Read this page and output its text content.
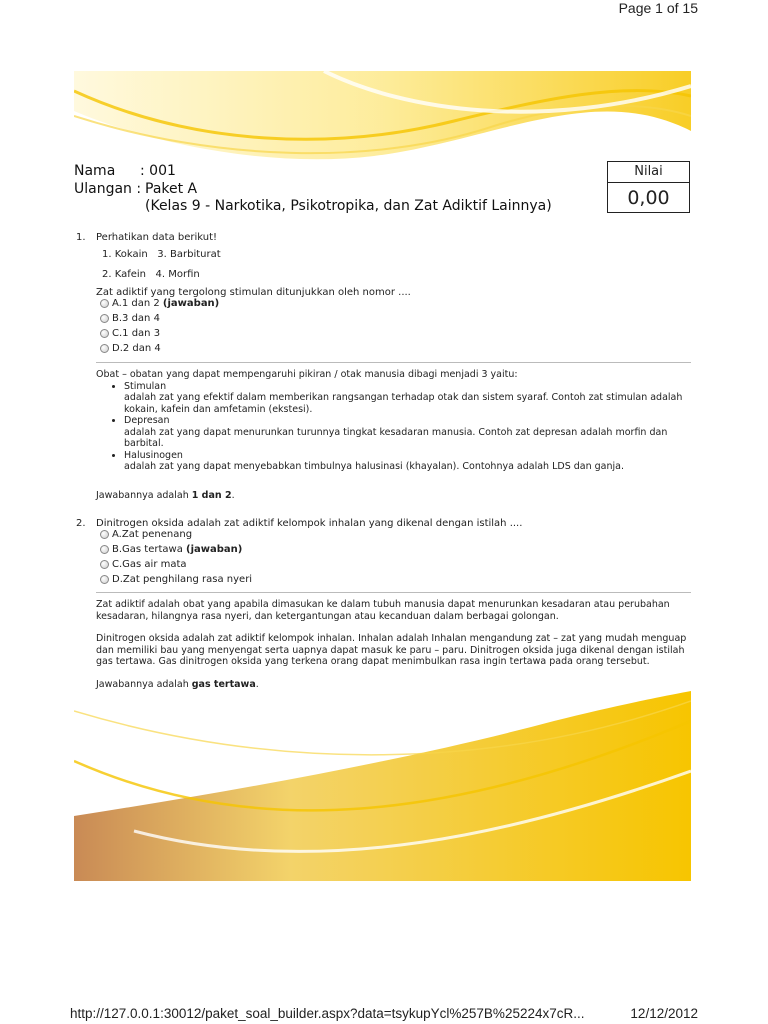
Page 1 of 15
Nama : 001
Ulangan : Paket A
(Kelas 9 - Narkotika, Psikotropika, dan Zat Adiktif Lainnya)
Nilai
0,00
1. Perhatikan data berikut!
1. Kokain   3. Barbiturat
2. Kafein   4. Morfin
Zat adiktif yang tergolong stimulan ditunjukkan oleh nomor ....
A.1 dan 2 (jawaban)
B.3 dan 4
C.1 dan 3
D.2 dan 4
Obat – obatan yang dapat mempengaruhi pikiran / otak manusia dibagi menjadi 3 yaitu:
• Stimulan
adalah zat yang efektif dalam memberikan rangsangan terhadap otak dan sistem syaraf. Contoh zat stimulan adalah kokain, kafein dan amfetamin (ekstesi).
• Depresan
adalah zat yang dapat menurunkan turunnya tingkat kesadaran manusia. Contoh zat depresan adalah morfin dan barbital.
• Halusinogen
adalah zat yang dapat menyebabkan timbulnya halusinasi (khayalan). Contohnya adalah LDS dan ganja.
Jawabannya adalah 1 dan 2.
2. Dinitrogen oksida adalah zat adiktif kelompok inhalan yang dikenal dengan istilah ....
A.Zat penenang
B.Gas tertawa (jawaban)
C.Gas air mata
D.Zat penghilang rasa nyeri
Zat adiktif adalah obat yang apabila dimasukan ke dalam tubuh manusia dapat menurunkan kesadaran atau perubahan kesadaran, hilangnya rasa nyeri, dan ketergantungan atau kecanduan dalam berbagai golongan.
Dinitrogen oksida adalah zat adiktif kelompok inhalan. Inhalan adalah Inhalan mengandung zat – zat yang mudah menguap dan memiliki bau yang menyengat serta uapnya dapat masuk ke paru – paru. Dinitrogen oksida juga dikenal dengan istilah gas tertawa. Gas dinitrogen oksida yang terkena orang dapat menimbulkan rasa ingin tertawa pada orang tersebut.
Jawabannya adalah gas tertawa.
http://127.0.0.1:30012/paket_soal_builder.aspx?data=tsykupYcl%257B%25224x7cR...	12/12/2012
